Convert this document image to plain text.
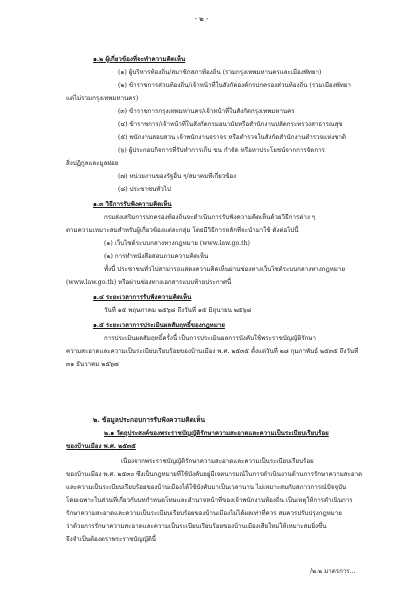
- ๒ -
๑.๒ ผู้เกี่ยวข้องที่จะทำความคิดเห็น
(๑) ผู้บริหารท้องถิ่น/สมาชิกสภาท้องถิ่น (รวมกรุงเทพมหานครและเมืองพัทยา)
(๒) ข้าราชการส่วนท้องถิ่น/เจ้าหน้าที่ในสังกัดองค์กรปกครองส่วนท้องถิ่น (รวมเมืองพัทยา
แต่ไม่รวมกรุงเทพมหานคร)
(๓) ข้าราชการกรุงเทพมหานคร/เจ้าหน้าที่ในสังกัดกรุงเทพมหานคร
(๔) ข้าราชการ/เจ้าหน้าที่ในสังกัดกรมอนามัยหรือสำนักงานปลัดกระทรวงสาธารณสุข
(๕) พนักงานสอบสวน เจ้าพนักงานจราจร หรือตำรวจในสังกัดสำนักงานตำรวจแห่งชาติ
(๖) ผู้ประกอบกิจการที่รับทำการเก็บ ขน กำจัด หรือหาประโยชน์จากการจัดการ
สิ่งปฏิกูลและมูลฝอย
(๗) หน่วยงานของรัฐอื่น ๆ/สมาคมที่เกี่ยวข้อง
(๘) ประชาชนทั่วไป
๑.๓ วิธีการรับฟังความคิดเห็น
กรมส่งเสริมการปกครองท้องถิ่นจะดำเนินการรับฟังความคิดเห็นด้วยวิธีการต่าง ๆ
ตามความเหมาะสมสำหรับผู้เกี่ยวข้องแต่ละกลุ่ม โดยมีวิธีการหลักที่จะนำมาใช้ ดังต่อไปนี้
(๑) เว็บไซต์ระบบกลางทางกฎหมาย (www.law.go.th)
(๒) การทำหนังสือสอบถามความคิดเห็น
ทั้งนี้ ประชาชนทั่วไปสามารถแสดงความคิดเห็นผ่านช่องทางเว็บไซต์ระบบกลางทางกฎหมาย
(www.law.go.th) หรือผ่านช่องทางเอกสารแบบท้ายประกาศนี้
๑.๔ ระยะเวลาการรับฟังความคิดเห็น
วันที่ ๑๕ พฤษภาคม ๒๕๖๘ ถึงวันที่ ๑๕ มิถุนายน ๒๕๖๘
๑.๕ ระยะเวลาการประเมินผลสัมฤทธิ์ของกฎหมาย
การประเมินผลสัมฤทธิ์ครั้งนี้ เป็นการประเมินผลการบังคับใช้พระราชบัญญัติรักษา
ความสะอาดและความเป็นระเบียบเรียบร้อยของบ้านเมือง พ.ศ. ๒๕๓๕ ตั้งแต่วันที่ ๒๘ กุมภาพันธ์ ๒๕๓๕ ถึงวันที่
๓๑ ธันวาคม ๒๕๖๗
๒. ข้อมูลประกอบการรับฟังความคิดเห็น
๒.๑ วัตถุประสงค์ของพระราชบัญญัติรักษาความสะอาดและความเป็นระเบียบเรียบร้อย
ของบ้านเมือง พ.ศ. ๒๕๓๕
เนื่องจากพระราชบัญญัติรักษาความสะอาดและความเป็นระเบียบเรียบร้อย
ของบ้านเมือง พ.ศ. ๒๕๓๐ ซึ่งเป็นกฎหมายที่ใช้บังคับอยู่มีเจตนารมณ์ในการดำเนินงานด้านการรักษาความสะอาด
และความเป็นระเบียบเรียบร้อยของบ้านเมืองได้ใช้บังคับมาเป็นเวลานาน ไม่เหมาะสมกับสภาวการณ์ปัจจุบัน
โดยเฉพาะในส่วนที่เกี่ยวกับบทกำหนดโทษและอำนาจหน้าที่ของเจ้าพนักงานท้องถิ่น เป็นเหตุให้การดำเนินการ
รักษาความสะอาดและความเป็นระเบียบเรียบร้อยของบ้านเมืองไม่ได้ผลเท่าที่ควร สมควรปรับปรุงกฎหมาย
ว่าด้วยการรักษาความสะอาดและความเป็นระเบียบเรียบร้อยของบ้านเมืองเสียใหม่ให้เหมาะสมยิ่งขึ้น
จึงจำเป็นต้องตราพระราชบัญญัตินี้
/๒.๒ มาตรการ...
